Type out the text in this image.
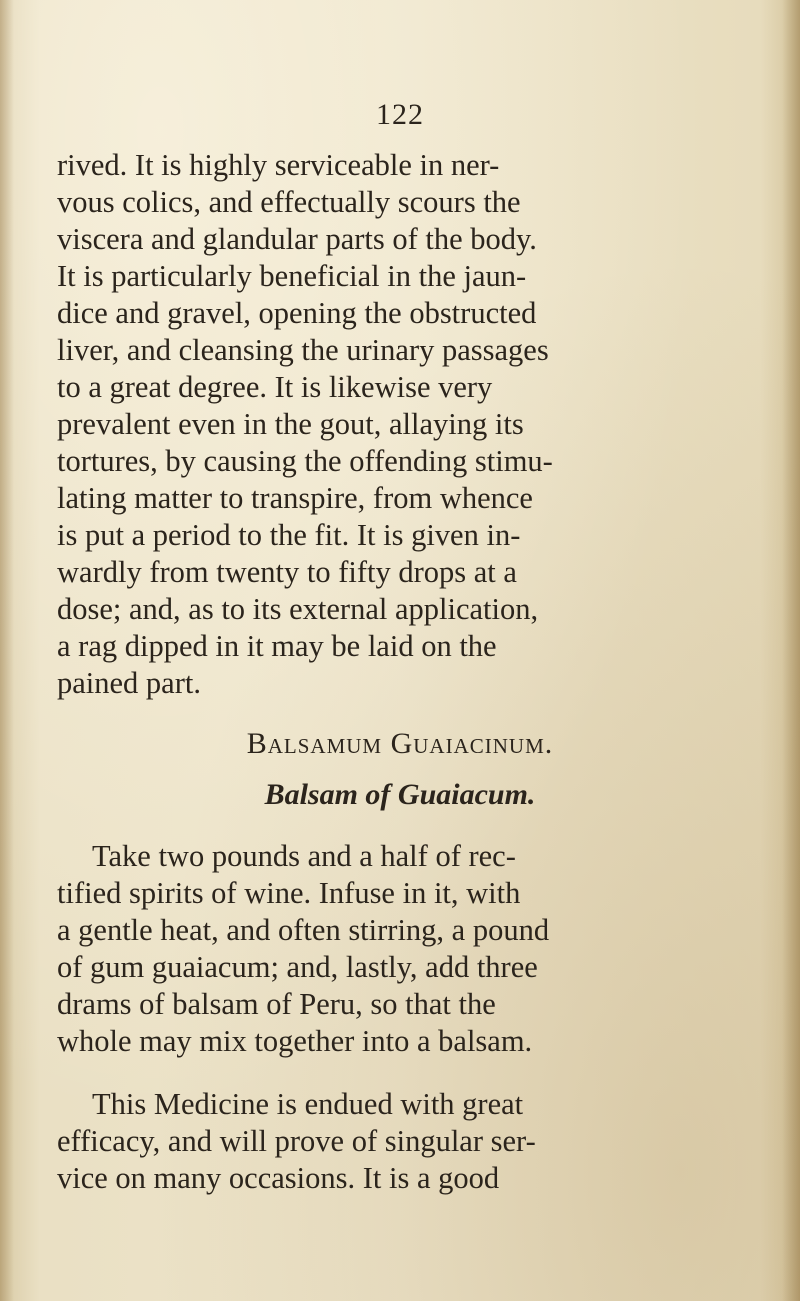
122
rived. It is highly serviceable in ner-
vous colics, and effectually scours the
viscera and glandular parts of the body.
It is particularly beneficial in the jaun-
dice and gravel, opening the obstructed
liver, and cleansing the urinary passages
to a great degree. It is likewise very
prevalent even in the gout, allaying its
tortures, by causing the offending stimu-
lating matter to transpire, from whence
is put a period to the fit. It is given in-
wardly from twenty to fifty drops at a
dose; and, as to its external application,
a rag dipped in it may be laid on the
pained part.
Balsamum Guaiacinum.
Balsam of Guaiacum.
Take two pounds and a half of rec-
tified spirits of wine. Infuse in it, with
a gentle heat, and often stirring, a pound
of gum guaiacum; and, lastly, add three
drams of balsam of Peru, so that the
whole may mix together into a balsam.
This Medicine is endued with great
efficacy, and will prove of singular ser-
vice on many occasions. It is a good
